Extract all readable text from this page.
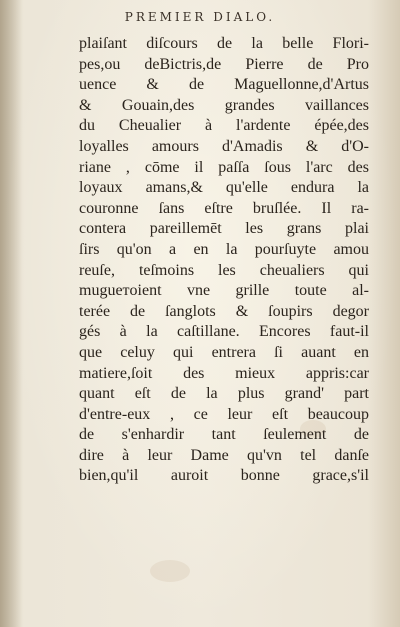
PREMIER DIALO.
plaiſant diſcours de la belle Flori-
pes,ou deBictris,de Pierre de Pro
uence & de Maguellonne,d'Artus
& Gouain,des grandes vaillances
du Cheualier à l'ardente épée,des
loyalles amours d'Amadis & d'O-
riane , cōme il paſſa ſous l'arc des
loyaux amans,& qu'elle endura la
couronne ſans eſtre bruſlée. Il ra-
contera pareillemēt les grans plai
ſirs qu'on a en la pourſuyte amou
reuſe, teſmoins les cheualiers qui
mugueтoient vne grille toute al-
terée de ſanglots & ſoupirs degor
gés à la caſtillane. Encores faut-il
que celuy qui entrera ſi auant en
matiere,ſoit des mieux appris:car
quant eſt de la plus grand' part
d'entre-eux , ce leur eſt beaucoup
de s'enhardir tant ſeulement de
dire à leur Dame qu'vn tel danſe
bien,qu'il auroit bonne grace,s'il
